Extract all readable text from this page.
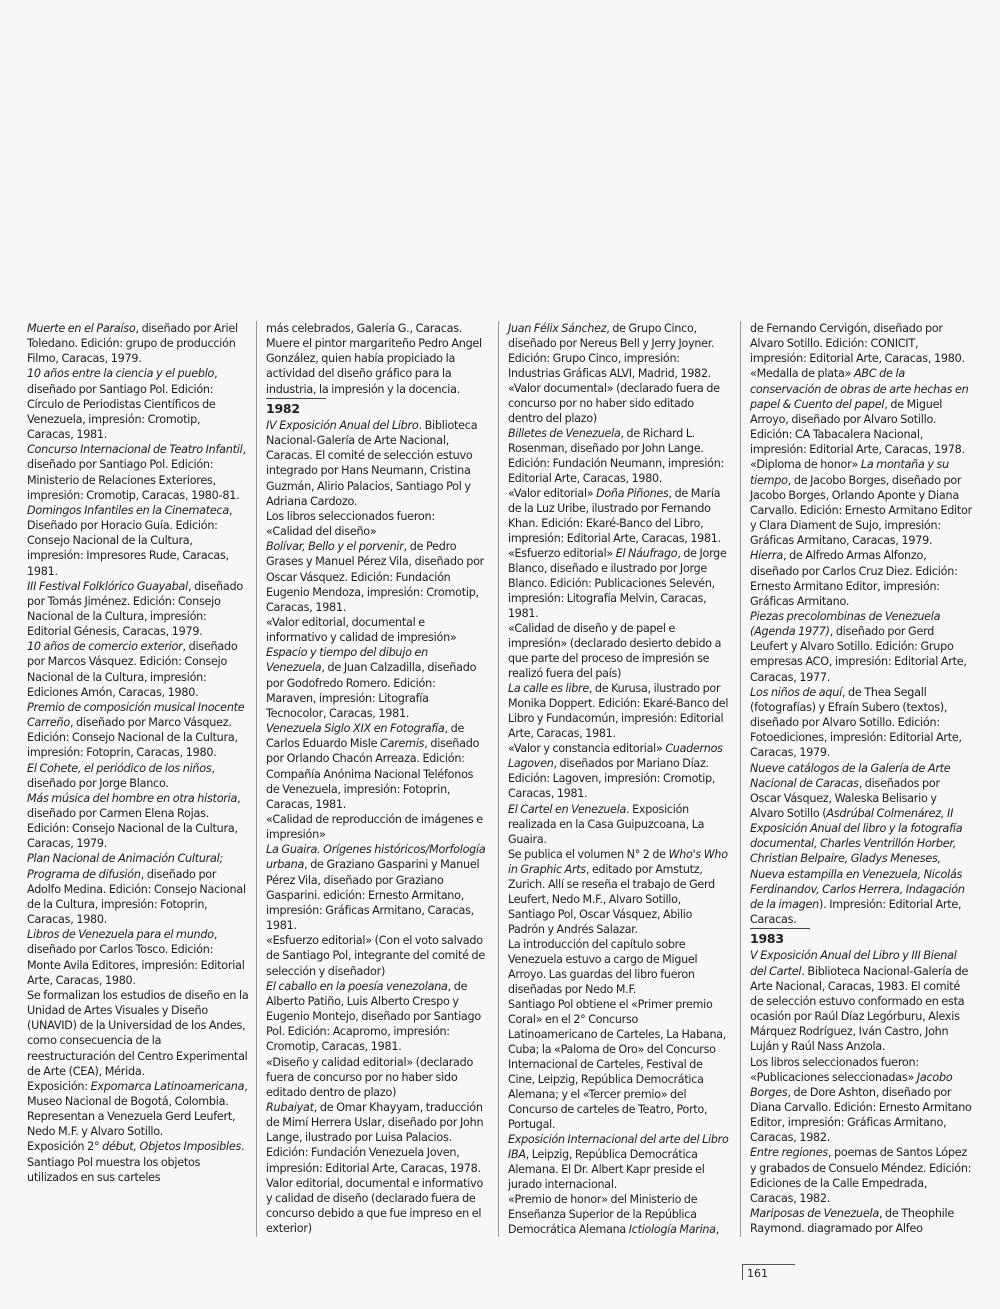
Muerte en el Paraíso, diseñado por Ariel Toledano. Edición: grupo de producción Filmo, Caracas, 1979.

10 años entre la ciencia y el pueblo, diseñado por Santiago Pol. Edición: Círculo de Periodistas Científicos de Venezuela, impresión: Cromotip, Caracas, 1981.

Concurso Internacional de Teatro Infantil, diseñado por Santiago Pol. Edición: Ministerio de Relaciones Exteriores, impresión: Cromotip, Caracas, 1980-81.

Domingos Infantiles en la Cinemateca, Diseñado por Horacio Guía. Edición: Consejo Nacional de la Cultura, impresión: Impresores Rude, Caracas, 1981.

III Festival Folklórico Guayabal, diseñado por Tomás Jiménez. Edición: Consejo Nacional de la Cultura, impresión: Editorial Génesis, Caracas, 1979.

10 años de comercio exterior, diseñado por Marcos Vásquez. Edición: Consejo Nacional de la Cultura, impresión: Ediciones Amón, Caracas, 1980.

Premio de composición musical Inocente Carreño, diseñado por Marco Vásquez. Edición: Consejo Nacional de la Cultura, impresión: Fotoprin, Caracas, 1980.

El Cohete, el periódico de los niños, diseñado por Jorge Blanco.

Más música del hombre en otra historia, diseñado por Carmen Elena Rojas. Edición: Consejo Nacional de la Cultura, Caracas, 1979.

Plan Nacional de Animación Cultural; Programa de difusión, diseñado por Adolfo Medina. Edición: Consejo Nacional de la Cultura, impresión: Fotoprin, Caracas, 1980.

Libros de Venezuela para el mundo, diseñado por Carlos Tosco. Edición: Monte Avila Editores, impresión: Editorial Arte, Caracas, 1980.

Se formalizan los estudios de diseño en la Unidad de Artes Visuales y Diseño (UNAVID) de la Universidad de los Andes, como consecuencia de la reestructuración del Centro Experimental de Arte (CEA), Mérida.

Exposición: Expomarca Latinoamericana, Museo Nacional de Bogotá, Colombia. Representan a Venezuela Gerd Leufert, Nedo M.F. y Alvaro Sotillo.

Exposición 2° début, Objetos Imposibles. Santiago Pol muestra los objetos utilizados en sus carteles

más celebrados, Galería G., Caracas.

Muere el pintor margariteño Pedro Angel González, quien había propiciado la actividad del diseño gráfico para la industria, la impresión y la docencia.

1982

IV Exposición Anual del Libro. Biblioteca Nacional-Galería de Arte Nacional, Caracas. El comité de selección estuvo integrado por Hans Neumann, Cristina Guzmán, Alirio Palacios, Santiago Pol y Adriana Cardozo.

Los libros seleccionados fueron:

«Calidad del diseño»

Bolívar, Bello y el porvenir, de Pedro Grases y Manuel Pérez Vila, diseñado por Oscar Vásquez. Edición: Fundación Eugenio Mendoza, impresión: Cromotip, Caracas, 1981.

«Valor editorial, documental e informativo y calidad de impresión» Espacio y tiempo del dibujo en Venezuela, de Juan Calzadilla, diseñado por Godofredo Romero. Edición: Maraven, impresión: Litografía Tecnocolor, Caracas, 1981.

Venezuela Siglo XIX en Fotografía, de Carlos Eduardo Misle Caremis, diseñado por Orlando Chacón Arreaza. Edición: Compañía Anónima Nacional Teléfonos de Venezuela, impresión: Fotoprin, Caracas, 1981.

«Calidad de reproducción de imágenes e impresión»

La Guaira. Orígenes históricos/Morfología urbana, de Graziano Gasparini y Manuel Pérez Vila, diseñado por Graziano Gasparini. edición: Ernesto Armitano, impresión: Gráficas Armitano, Caracas, 1981.

«Esfuerzo editorial» (Con el voto salvado de Santiago Pol, integrante del comité de selección y diseñador)

El caballo en la poesía venezolana, de Alberto Patiño, Luis Alberto Crespo y Eugenio Montejo, diseñado por Santiago Pol. Edición: Acapromo, impresión: Cromotip, Caracas, 1981.

«Diseño y calidad editorial» (declarado fuera de concurso por no haber sido editado dentro de plazo)

Rubaiyat, de Omar Khayyam, traducción de Mimí Herrera Uslar, diseñado por John Lange, ilustrado por Luisa Palacios. Edición: Fundación Venezuela Joven, impresión: Editorial Arte, Caracas, 1978.

Valor editorial, documental e informativo y calidad de diseño (declarado fuera de concurso debido a que fue impreso en el exterior)

Juan Félix Sánchez, de Grupo Cinco, diseñado por Nereus Bell y Jerry Joyner. Edición: Grupo Cinco, impresión: Industrias Gráficas ALVI, Madrid, 1982.

«Valor documental» (declarado fuera de concurso por no haber sido editado dentro del plazo)

Billetes de Venezuela, de Richard L. Rosenman, diseñado por John Lange. Edición: Fundación Neumann, impresión: Editorial Arte, Caracas, 1980.

«Valor editorial» Doña Piñones, de María de la Luz Uribe, ilustrado por Fernando Khan. Edición: Ekaré-Banco del Libro, impresión: Editorial Arte, Caracas, 1981.

«Esfuerzo editorial» El Náufrago, de Jorge Blanco, diseñado e ilustrado por Jorge Blanco. Edición: Publicaciones Selevén, impresión: Litografía Melvin, Caracas, 1981.

«Calidad de diseño y de papel e impresión» (declarado desierto debido a que parte del proceso de impresión se realizó fuera del país)

La calle es libre, de Kurusa, ilustrado por Monika Doppert. Edición: Ekaré-Banco del Libro y Fundacomún, impresión: Editorial Arte, Caracas, 1981.

«Valor y constancia editorial» Cuadernos Lagoven, diseñados por Mariano Díaz. Edición: Lagoven, impresión: Cromotip, Caracas, 1981.

El Cartel en Venezuela. Exposición realizada en la Casa Guipuzcoana, La Guaira.

Se publica el volumen N° 2 de Who's Who in Graphic Arts, editado por Amstutz, Zurich. Allí se reseña el trabajo de Gerd Leufert, Nedo M.F., Alvaro Sotillo, Santiago Pol, Oscar Vásquez, Abilio Padrón y Andrés Salazar.

La introducción del capítulo sobre Venezuela estuvo a cargo de Miguel Arroyo. Las guardas del libro fueron diseñadas por Nedo M.F.

Santiago Pol obtiene el «Primer premio Coral» en el 2° Concurso Latinoamericano de Carteles, La Habana, Cuba; la «Paloma de Oro» del Concurso Internacional de Carteles, Festival de Cine, Leipzig, República Democrática Alemana; y el «Tercer premio» del Concurso de carteles de Teatro, Porto, Portugal.

Exposición Internacional del arte del Libro IBA, Leipzig, República Democrática Alemana. El Dr. Albert Kapr preside el jurado internacional.

«Premio de honor» del Ministerio de Enseñanza Superior de la República Democrática Alemana Ictiología Marina,

de Fernando Cervigón, diseñado por Alvaro Sotillo. Edición: CONICIT, impresión: Editorial Arte, Caracas, 1980.

«Medalla de plata» ABC de la conservación de obras de arte hechas en papel & Cuento del papel, de Miguel Arroyo, diseñado por Alvaro Sotillo. Edición: CA Tabacalera Nacional, impresión: Editorial Arte, Caracas, 1978.

«Diploma de honor» La montaña y su tiempo, de Jacobo Borges, diseñado por Jacobo Borges, Orlando Aponte y Diana Carvallo. Edición: Ernesto Armitano Editor y Clara Diament de Sujo, impresión: Gráficas Armitano, Caracas, 1979.

Hierra, de Alfredo Armas Alfonzo, diseñado por Carlos Cruz Diez. Edición: Ernesto Armitano Editor, impresión: Gráficas Armitano.

Piezas precolombinas de Venezuela (Agenda 1977), diseñado por Gerd Leufert y Alvaro Sotillo. Edición: Grupo empresas ACO, impresión: Editorial Arte, Caracas, 1977.

Los niños de aquí, de Thea Segall (fotografías) y Efraín Subero (textos), diseñado por Alvaro Sotillo. Edición: Fotoediciones, impresión: Editorial Arte, Caracas, 1979.

Nueve catálogos de la Galería de Arte Nacional de Caracas, diseñados por Oscar Vásquez, Waleska Belisario y Alvaro Sotillo (Asdrúbal Colmenárez, II Exposición Anual del libro y la fotografía documental, Charles Ventrillón Horber, Christian Belpaire, Gladys Meneses, Nueva estampilla en Venezuela, Nicolás Ferdinandov, Carlos Herrera, Indagación de la imagen). Impresión: Editorial Arte, Caracas.

1983

V Exposición Anual del Libro y III Bienal del Cartel. Biblioteca Nacional-Galería de Arte Nacional, Caracas, 1983. El comité de selección estuvo conformado en esta ocasión por Raúl Díaz Legórburu, Alexis Márquez Rodríguez, Iván Castro, John Luján y Raúl Nass Anzola.

Los libros seleccionados fueron:

«Publicaciones seleccionadas» Jacobo Borges, de Dore Ashton, diseñado por Diana Carvallo. Edición: Ernesto Armitano Editor, impresión: Gráficas Armitano, Caracas, 1982.

Entre regiones, poemas de Santos López y grabados de Consuelo Méndez. Edición: Ediciones de la Calle Empedrada, Caracas, 1982.

Mariposas de Venezuela, de Theophile Raymond. diagramado por Alfeo

161
